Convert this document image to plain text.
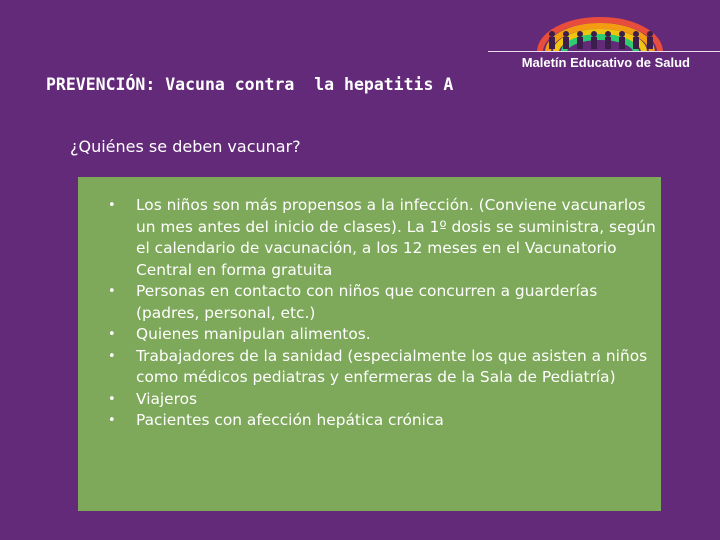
Maletín Educativo de Salud
PREVENCIÓN: Vacuna contra  la hepatitis A
¿Quiénes se deben vacunar?
• Los niños son más propensos a la infección. (Conviene vacunarlos un mes antes del inicio de clases). La 1º dosis se suministra, según el calendario de vacunación, a los 12 meses en el Vacunatorio Central en forma gratuita
• Personas en contacto con niños que concurren a guarderías (padres, personal, etc.)
• Quienes manipulan alimentos.
• Trabajadores de la sanidad (especialmente los que asisten a niños como médicos pediatras y enfermeras de la Sala de Pediatría)
• Viajeros
• Pacientes con afección hepática crónica
